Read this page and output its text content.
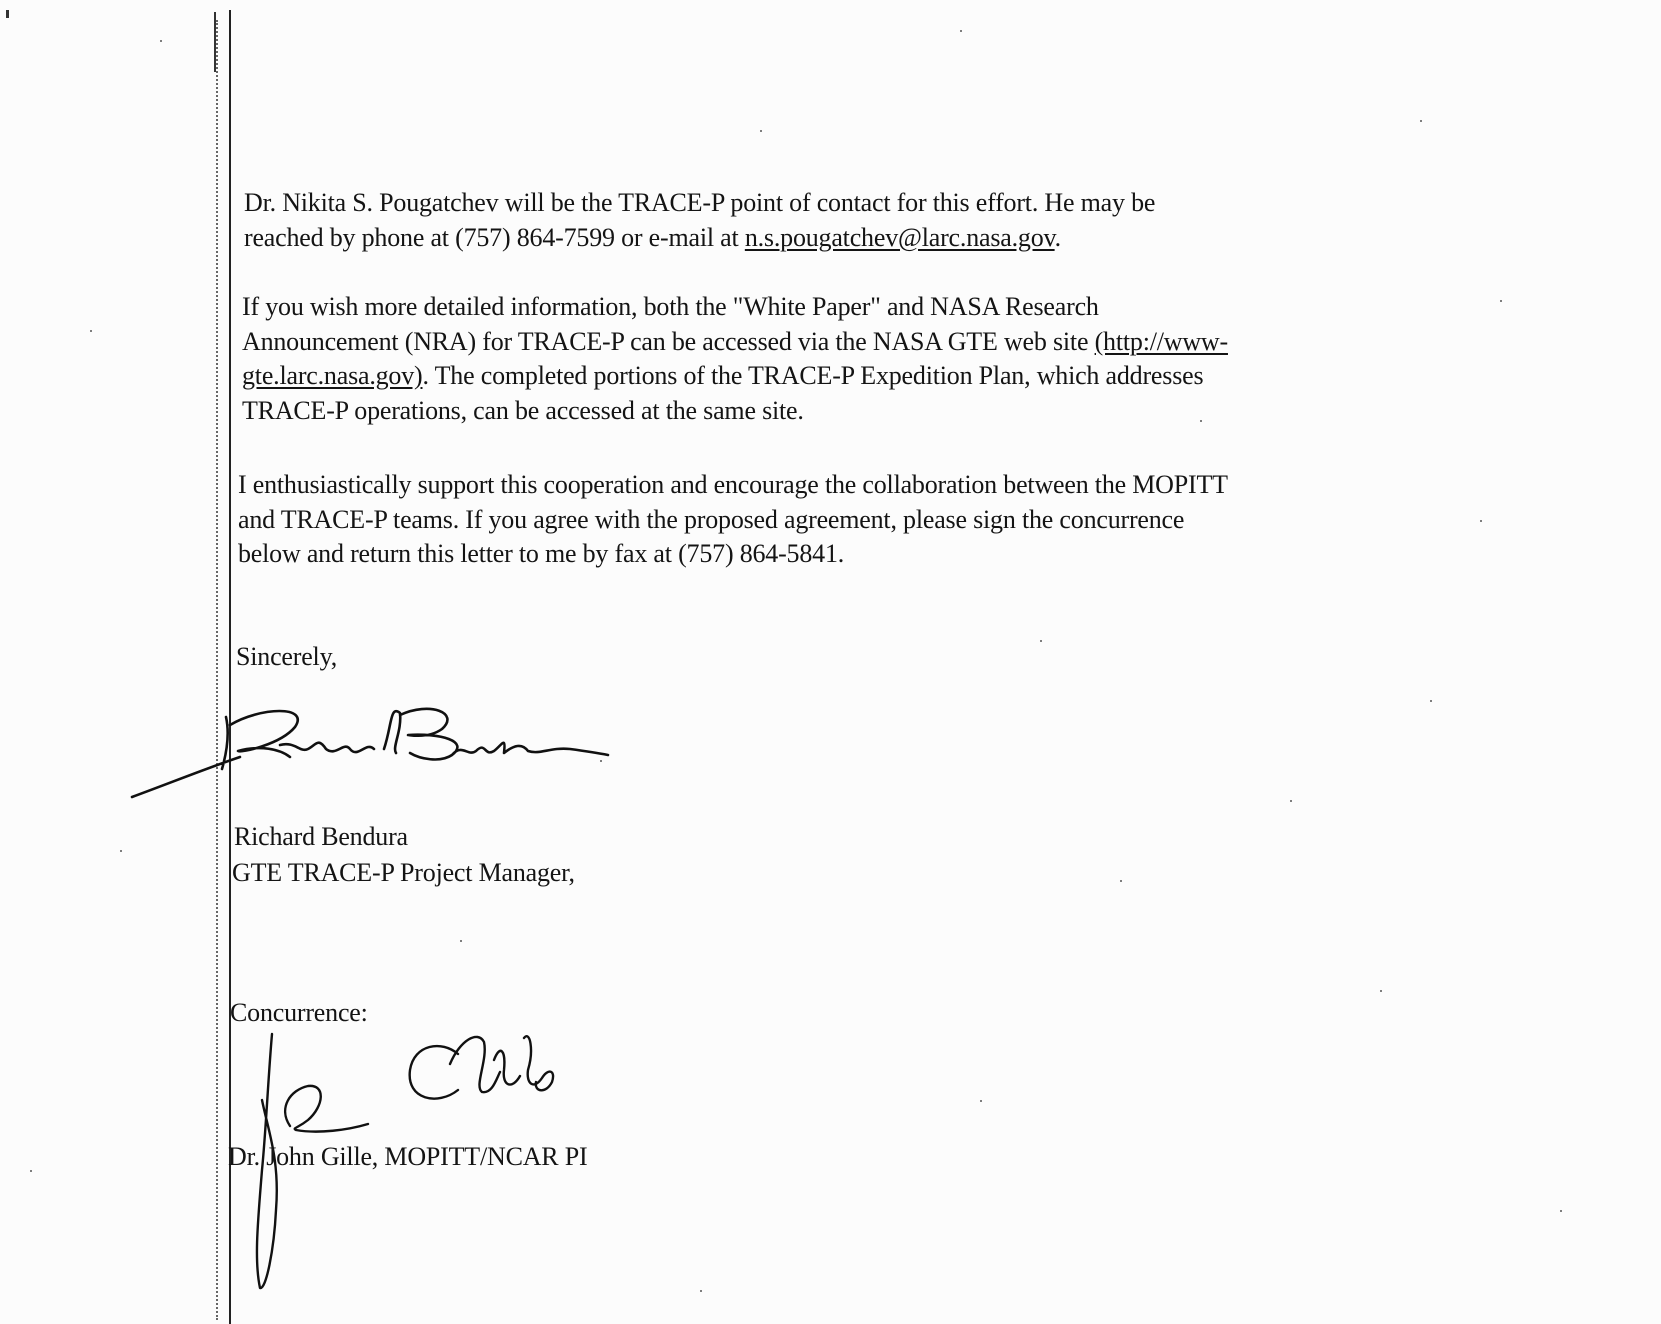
Dr. Nikita S. Pougatchev will be the TRACE-P point of contact for this effort. He may be
reached by phone at (757) 864-7599 or e-mail at n.s.pougatchev@larc.nasa.gov.

If you wish more detailed information, both the "White Paper" and NASA Research
Announcement (NRA) for TRACE-P can be accessed via the NASA GTE web site (http://www-
gte.larc.nasa.gov). The completed portions of the TRACE-P Expedition Plan, which addresses
TRACE-P operations, can be accessed at the same site.

I enthusiastically support this cooperation and encourage the collaboration between the MOPITT
and TRACE-P teams. If you agree with the proposed agreement, please sign the concurrence
below and return this letter to me by fax at (757) 864-5841.

Sincerely,

Richard Bendura

GTE TRACE-P Project Manager,

Concurrence:

Dr. John Gille, MOPITT/NCAR PI
